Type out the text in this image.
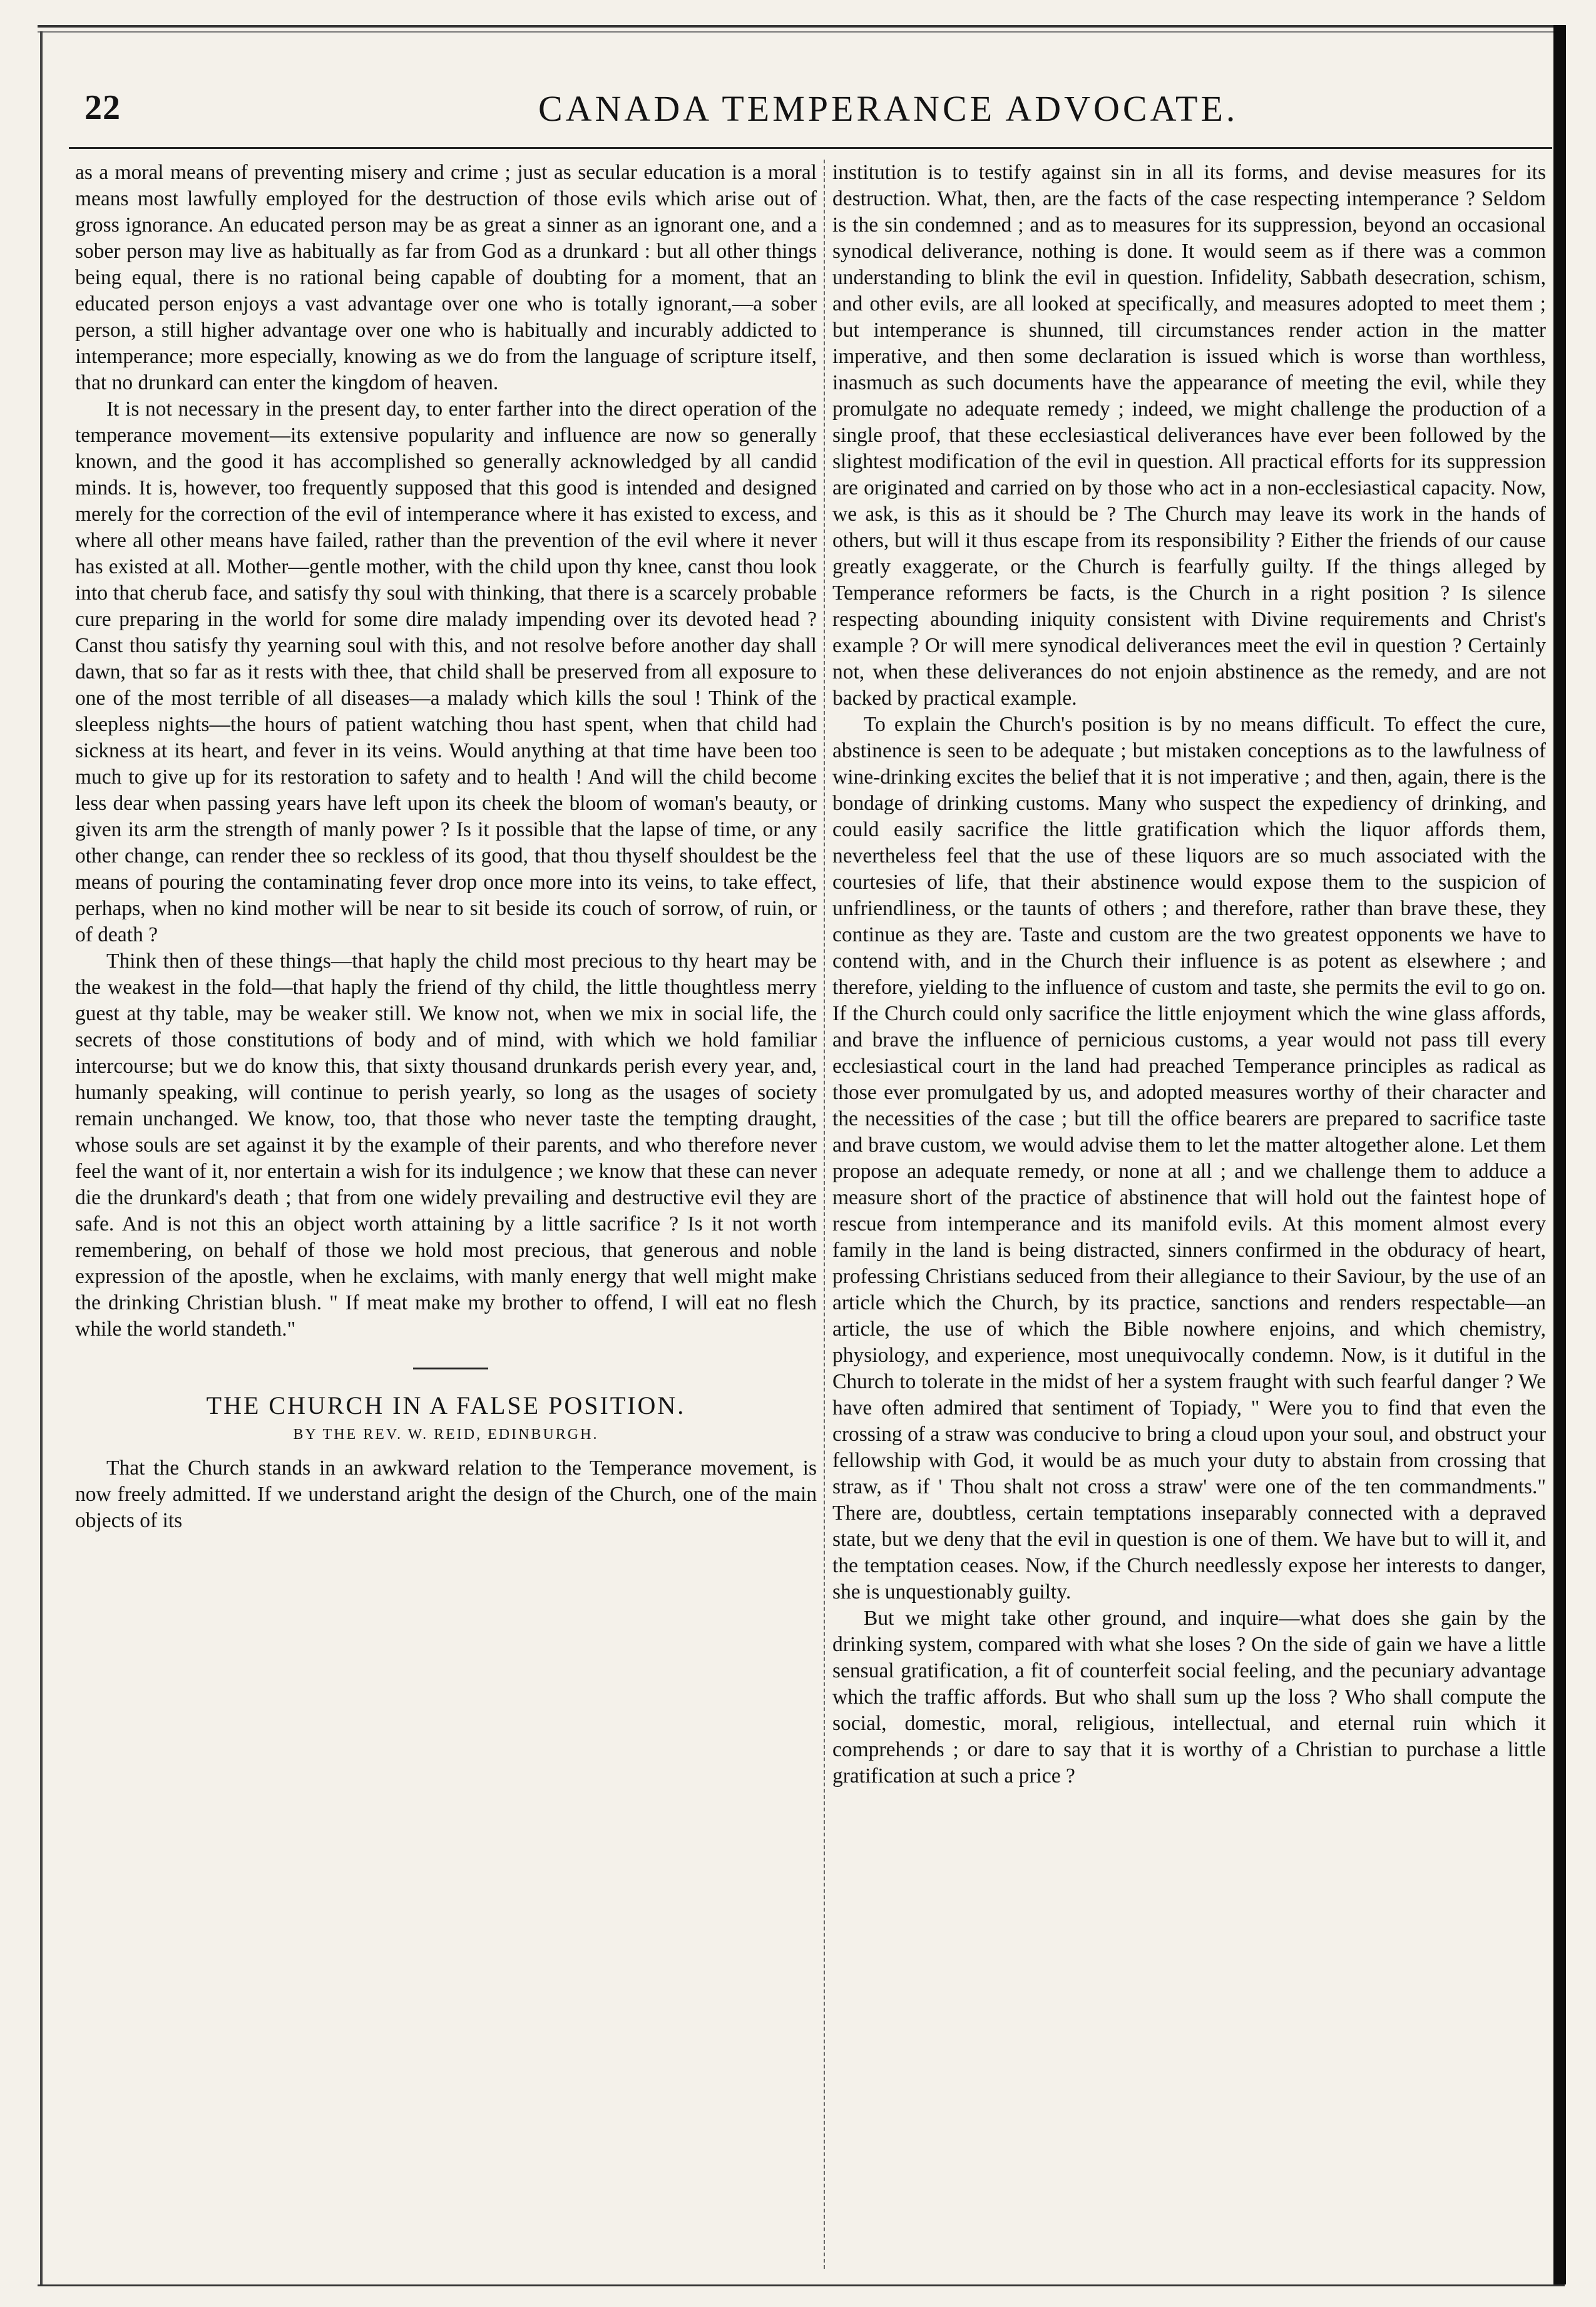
22	CANADA TEMPERANCE ADVOCATE.

as a moral means of preventing misery and crime ; just as secular education is a moral means most lawfully employed for the destruction of those evils which arise out of gross ignorance. An educated person may be as great a sinner as an ignorant one, and a sober person may live as habitually as far from God as a drunkard : but all other things being equal, there is no rational being capable of doubting for a moment, that an educated person enjoys a vast advantage over one who is totally ignorant,—a sober person, a still higher advantage over one who is habitually and incurably addicted to intemperance; more especially, knowing as we do from the language of scripture itself, that no drunkard can enter the kingdom of heaven.

It is not necessary in the present day, to enter farther into the direct operation of the temperance movement—its extensive popularity and influence are now so generally known, and the good it has accomplished so generally acknowledged by all candid minds. It is, however, too frequently supposed that this good is intended and designed merely for the correction of the evil of intemperance where it has existed to excess, and where all other means have failed, rather than the prevention of the evil where it never has existed at all. Mother—gentle mother, with the child upon thy knee, canst thou look into that cherub face, and satisfy thy soul with thinking, that there is a scarcely probable cure preparing in the world for some dire malady impending over its devoted head ? Canst thou satisfy thy yearning soul with this, and not resolve before another day shall dawn, that so far as it rests with thee, that child shall be preserved from all exposure to one of the most terrible of all diseases—a malady which kills the soul ! Think of the sleepless nights—the hours of patient watching thou hast spent, when that child had sickness at its heart, and fever in its veins. Would anything at that time have been too much to give up for its restoration to safety and to health ! And will the child become less dear when passing years have left upon its cheek the bloom of woman's beauty, or given its arm the strength of manly power ? Is it possible that the lapse of time, or any other change, can render thee so reckless of its good, that thou thyself shouldest be the means of pouring the contaminating fever drop once more into its veins, to take effect, perhaps, when no kind mother will be near to sit beside its couch of sorrow, of ruin, or of death ?

Think then of these things—that haply the child most precious to thy heart may be the weakest in the fold—that haply the friend of thy child, the little thoughtless merry guest at thy table, may be weaker still. We know not, when we mix in social life, the secrets of those constitutions of body and of mind, with which we hold familiar intercourse; but we do know this, that sixty thousand drunkards perish every year, and, humanly speaking, will continue to perish yearly, so long as the usages of society remain unchanged. We know, too, that those who never taste the tempting draught, whose souls are set against it by the example of their parents, and who therefore never feel the want of it, nor entertain a wish for its indulgence ; we know that these can never die the drunkard's death ; that from one widely prevailing and destructive evil they are safe. And is not this an object worth attaining by a little sacrifice ? Is it not worth remembering, on behalf of those we hold most precious, that generous and noble expression of the apostle, when he exclaims, with manly energy that well might make the drinking Christian blush. " If meat make my brother to offend, I will eat no flesh while the world standeth."

THE CHURCH IN A FALSE POSITION.
BY THE REV. W. REID, EDINBURGH.

That the Church stands in an awkward relation to the Temperance movement, is now freely admitted. If we understand aright the design of the Church, one of the main objects of its

institution is to testify against sin in all its forms, and devise measures for its destruction. What, then, are the facts of the case respecting intemperance ? Seldom is the sin condemned ; and as to measures for its suppression, beyond an occasional synodical deliverance, nothing is done. It would seem as if there was a common understanding to blink the evil in question. Infidelity, Sabbath desecration, schism, and other evils, are all looked at specifically, and measures adopted to meet them ; but intemperance is shunned, till circumstances render action in the matter imperative, and then some declaration is issued which is worse than worthless, inasmuch as such documents have the appearance of meeting the evil, while they promulgate no adequate remedy ; indeed, we might challenge the production of a single proof, that these ecclesiastical deliverances have ever been followed by the slightest modification of the evil in question. All practical efforts for its suppression are originated and carried on by those who act in a non-ecclesiastical capacity. Now, we ask, is this as it should be ? The Church may leave its work in the hands of others, but will it thus escape from its responsibility ? Either the friends of our cause greatly exaggerate, or the Church is fearfully guilty. If the things alleged by Temperance reformers be facts, is the Church in a right position ? Is silence respecting abounding iniquity consistent with Divine requirements and Christ's example ? Or will mere synodical deliverances meet the evil in question ? Certainly not, when these deliverances do not enjoin abstinence as the remedy, and are not backed by practical example.

To explain the Church's position is by no means difficult. To effect the cure, abstinence is seen to be adequate ; but mistaken conceptions as to the lawfulness of wine-drinking excites the belief that it is not imperative ; and then, again, there is the bondage of drinking customs. Many who suspect the expediency of drinking, and could easily sacrifice the little gratification which the liquor affords them, nevertheless feel that the use of these liquors are so much associated with the courtesies of life, that their abstinence would expose them to the suspicion of unfriendliness, or the taunts of others ; and therefore, rather than brave these, they continue as they are. Taste and custom are the two greatest opponents we have to contend with, and in the Church their influence is as potent as elsewhere ; and therefore, yielding to the influence of custom and taste, she permits the evil to go on. If the Church could only sacrifice the little enjoyment which the wine glass affords, and brave the influence of pernicious customs, a year would not pass till every ecclesiastical court in the land had preached Temperance principles as radical as those ever promulgated by us, and adopted measures worthy of their character and the necessities of the case ; but till the office bearers are prepared to sacrifice taste and brave custom, we would advise them to let the matter altogether alone. Let them propose an adequate remedy, or none at all ; and we challenge them to adduce a measure short of the practice of abstinence that will hold out the faintest hope of rescue from intemperance and its manifold evils. At this moment almost every family in the land is being distracted, sinners confirmed in the obduracy of heart, professing Christians seduced from their allegiance to their Saviour, by the use of an article which the Church, by its practice, sanctions and renders respectable—an article, the use of which the Bible nowhere enjoins, and which chemistry, physiology, and experience, most unequivocally condemn. Now, is it dutiful in the Church to tolerate in the midst of her a system fraught with such fearful danger ? We have often admired that sentiment of Topiady, " Were you to find that even the crossing of a straw was conducive to bring a cloud upon your soul, and obstruct your fellowship with God, it would be as much your duty to abstain from crossing that straw, as if ' Thou shalt not cross a straw' were one of the ten commandments." There are, doubtless, certain temptations inseparably connected with a depraved state, but we deny that the evil in question is one of them. We have but to will it, and the temptation ceases. Now, if the Church needlessly expose her interests to danger, she is unquestionably guilty.

But we might take other ground, and inquire—what does she gain by the drinking system, compared with what she loses ? On the side of gain we have a little sensual gratification, a fit of counterfeit social feeling, and the pecuniary advantage which the traffic affords. But who shall sum up the loss ? Who shall compute the social, domestic, moral, religious, intellectual, and eternal ruin which it comprehends ; or dare to say that it is worthy of a Christian to purchase a little gratification at such a price ?
